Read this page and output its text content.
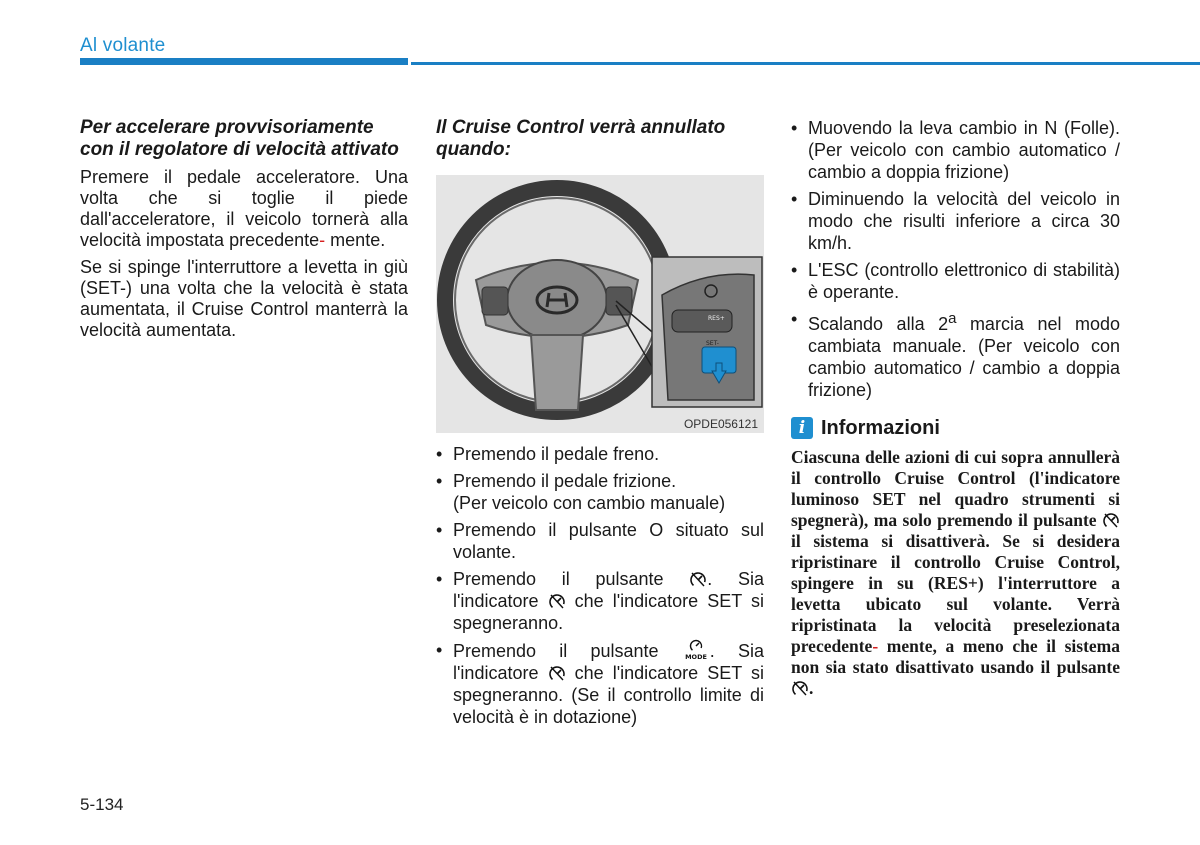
Al volante
Per accelerare provvisoriamente con il regolatore di velocità attivato

Premere il pedale acceleratore. Una volta che si toglie il piede dall'acceleratore, il veicolo tornerà alla velocità impostata precedente- mente.

Se si spinge l'interruttore a levetta in giù (SET-) una volta che la velocità è stata aumentata, il Cruise Control manterrà la velocità aumentata.

Il Cruise Control verrà annullato quando:
RES+
SET-
OPDE056121
• Premendo il pedale freno.
• Premendo il pedale frizione.
(Per veicolo con cambio manuale)
• Premendo il pulsante O situato sul volante.
• Premendo il pulsante . Sia l'indicatore che l'indicatore SET si spegneranno.
• Premendo il pulsante	MODE . Sia l'indicatore che l'indicatore SET si spegneranno. (Se il controllo limite di velocità è in dotazione)
• Muovendo la leva cambio in N (Folle). (Per veicolo con cambio automatico / cambio a doppia frizione)
• Diminuendo la velocità del veicolo in modo che risulti inferiore a circa 30 km/h.
• L'ESC (controllo elettronico di stabilità) è operante.
• Scalando alla 2$^a$ marcia nel modo cambiata manuale. (Per veicolo con cambio automatico / cambio a doppia frizione)
i Informazioni
Ciascuna delle azioni di cui sopra annullerà il controllo Cruise Control (l'indicatore luminoso SET nel quadro strumenti si spegnerà), ma solo premendo il pulsante  il sistema si disattiverà. Se si desidera ripristinare il controllo Cruise Control, spingere in su (RES+) l'interruttore a levetta ubicato sul volante. Verrà ripristinata la velocità preselezionata precedente- mente, a meno che il sistema non sia stato disattivato usando il pulsante .
5-134
